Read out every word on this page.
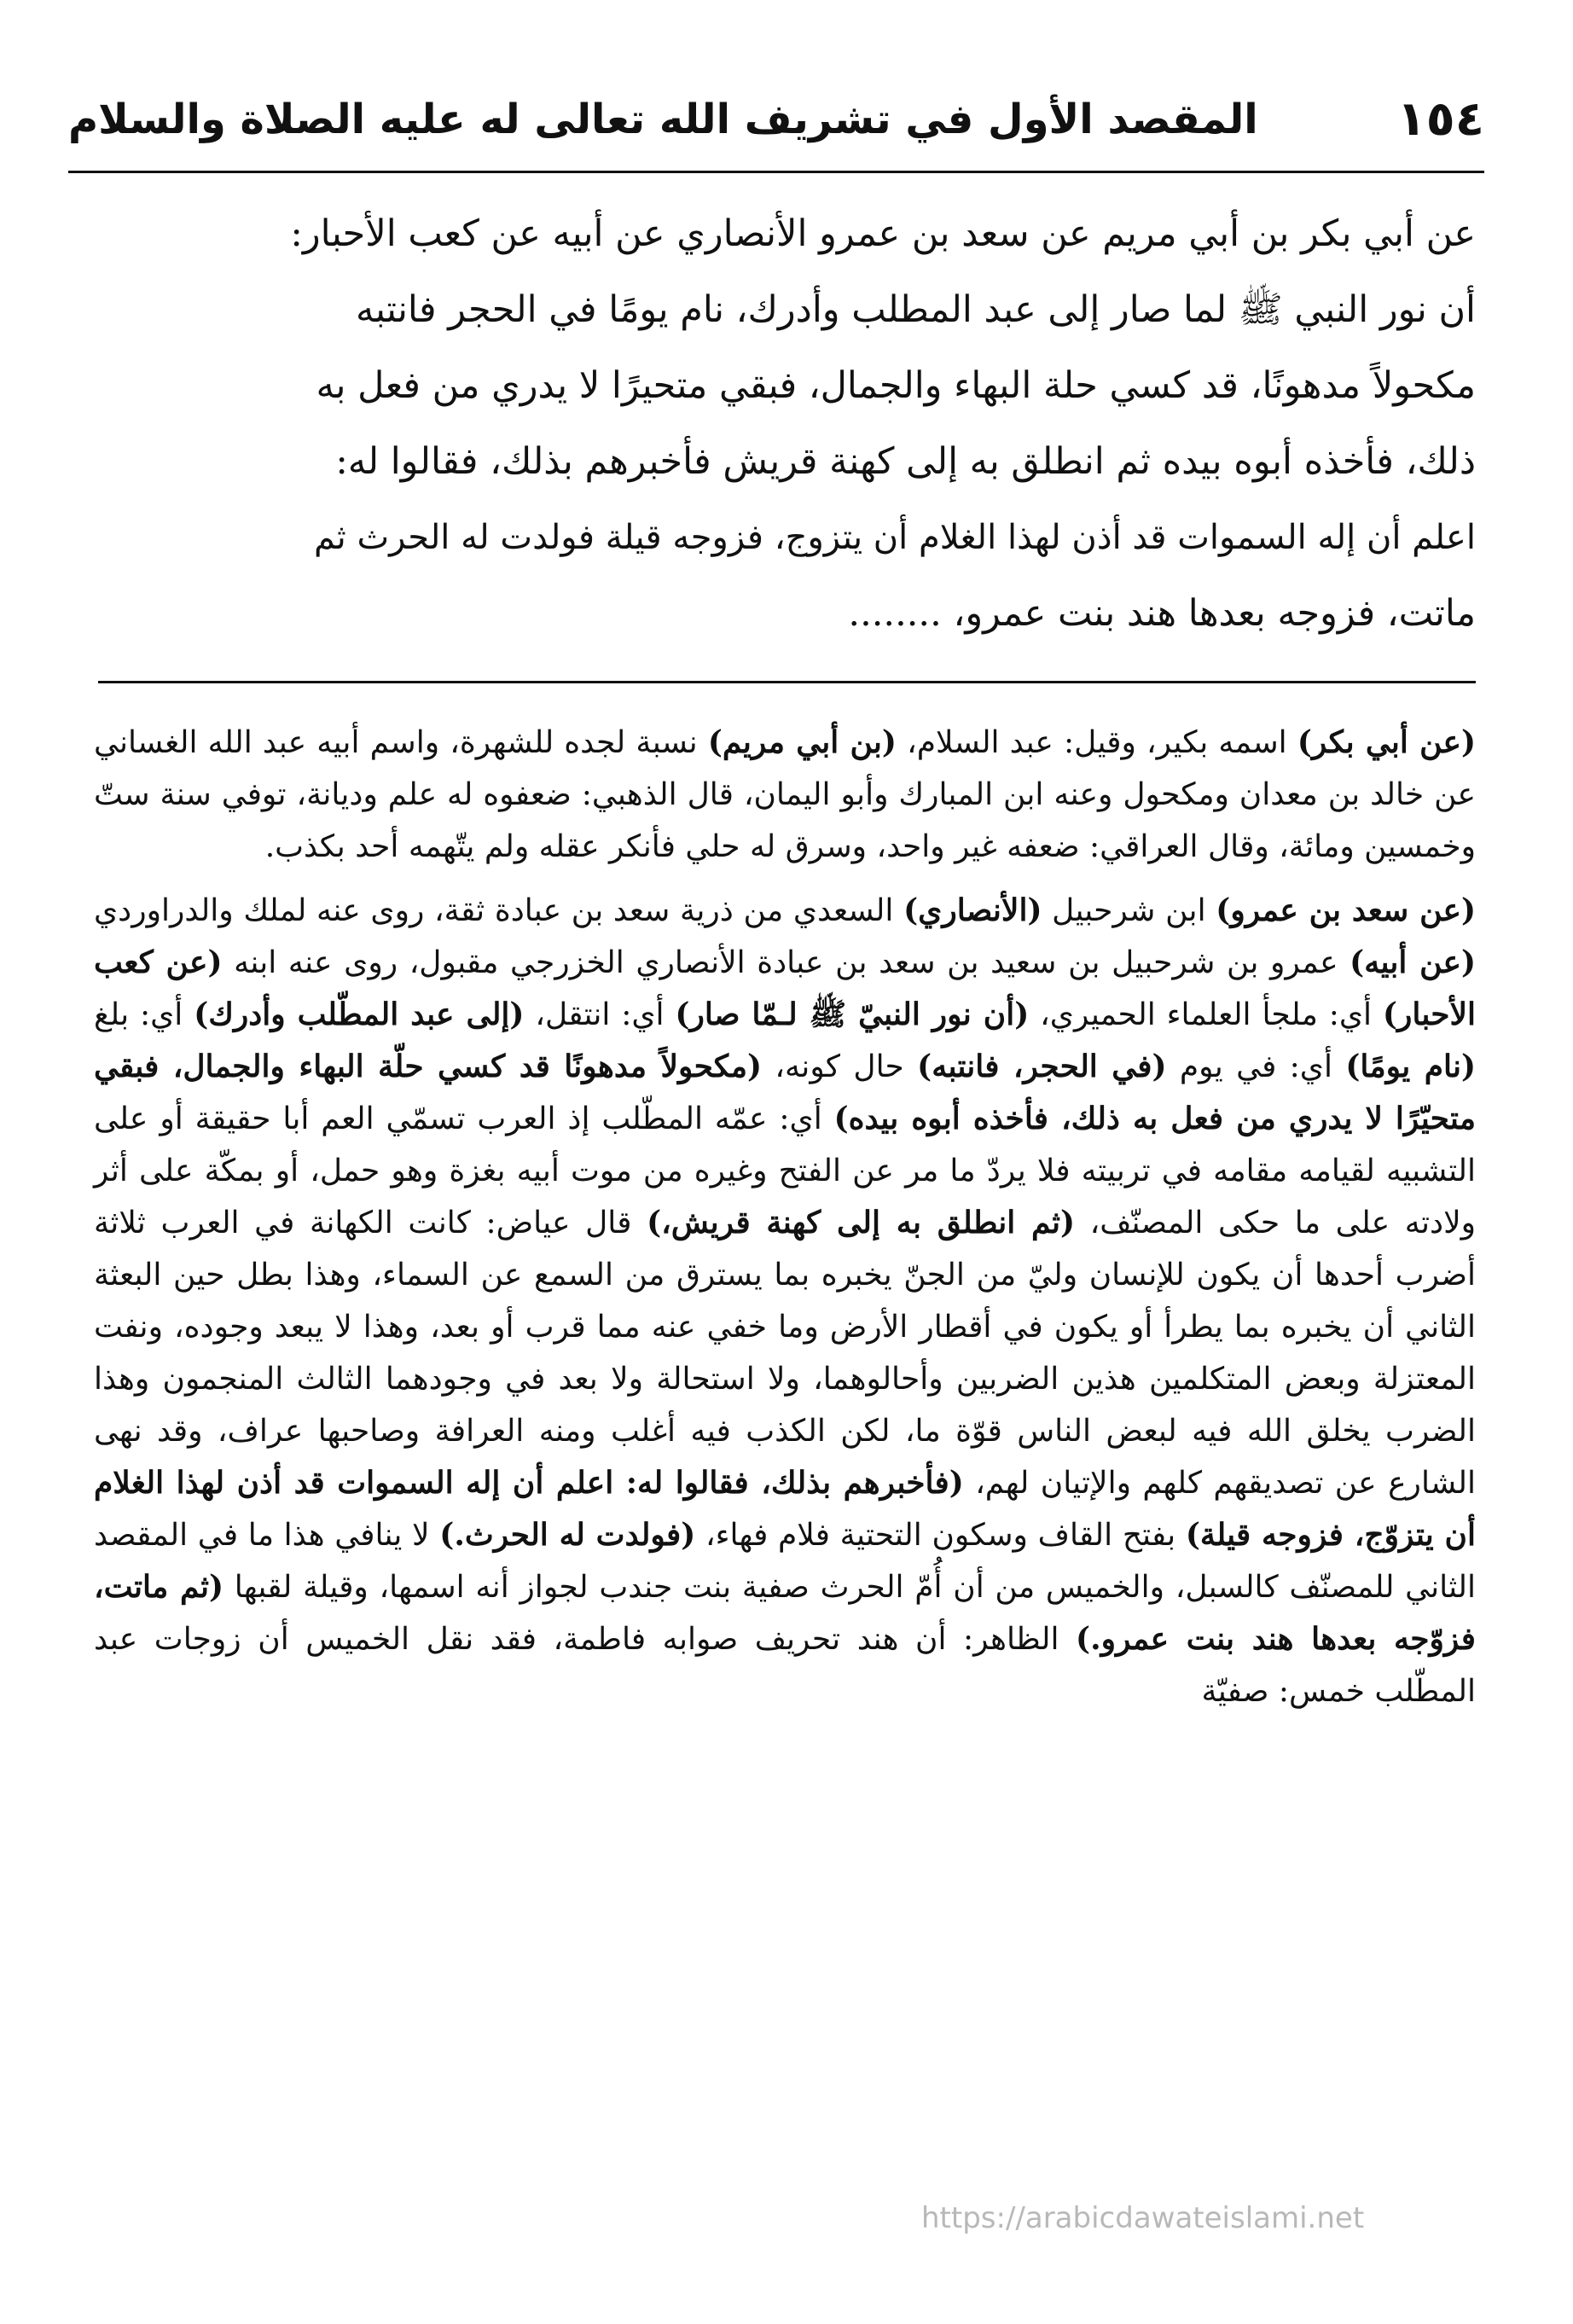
١٥٤
المقصد الأول في تشريف الله تعالى له عليه الصلاة والسلام
عن أبي بكر بن أبي مريم عن سعد بن عمرو الأنصاري عن أبيه عن كعب الأحبار:
أن نور النبي ﷺ لما صار إلى عبد المطلب وأدرك، نام يومًا في الحجر فانتبه
مكحولاً مدهونًا، قد كسي حلة البهاء والجمال، فبقي متحيرًا لا يدري من فعل به
ذلك، فأخذه أبوه بيده ثم انطلق به إلى كهنة قريش فأخبرهم بذلك، فقالوا له:
اعلم أن إله السموات قد أذن لهذا الغلام أن يتزوج، فزوجه قيلة فولدت له الحرث ثم
ماتت، فزوجه بعدها هند بنت عمرو، ........

(عن أبي بكر) اسمه بكير، وقيل: عبد السلام، (بن أبي مريم) نسبة لجده للشهرة، واسم أبيه عبد الله الغساني عن خالد بن معدان ومكحول وعنه ابن المبارك وأبو اليمان، قال الذهبي: ضعفوه له علم وديانة، توفي سنة ستّ وخمسين ومائة، وقال العراقي: ضعفه غير واحد، وسرق له حلي فأنكر عقله ولم يتّهمه أحد بكذب.

(عن سعد بن عمرو) ابن شرحبيل (الأنصاري) السعدي من ذرية سعد بن عبادة ثقة، روى عنه لملك والدراوردي (عن أبيه) عمرو بن شرحبيل بن سعيد بن سعد بن عبادة الأنصاري الخزرجي مقبول، روى عنه ابنه (عن كعب الأحبار) أي: ملجأ العلماء الحميري، (أن نور النبيّ ﷺ لـمّا صار) أي: انتقل، (إلى عبد المطّلب وأدرك) أي: بلغ (نام يومًا) أي: في يوم (في الحجر، فانتبه) حال كونه، (مكحولاً مدهونًا قد كسي حلّة البهاء والجمال، فبقي متحيّرًا لا يدري من فعل به ذلك، فأخذه أبوه بيده) أي: عمّه المطّلب إذ العرب تسمّي العم أبا حقيقة أو على التشبيه لقيامه مقامه في تربيته فلا يردّ ما مر عن الفتح وغيره من موت أبيه بغزة وهو حمل، أو بمكّة على أثر ولادته على ما حكى المصنّف، (ثم انطلق به إلى كهنة قريش،) قال عياض: كانت الكهانة في العرب ثلاثة أضرب أحدها أن يكون للإنسان وليّ من الجنّ يخبره بما يسترق من السمع عن السماء، وهذا بطل حين البعثة الثاني أن يخبره بما يطرأ أو يكون في أقطار الأرض وما خفي عنه مما قرب أو بعد، وهذا لا يبعد وجوده، ونفت المعتزلة وبعض المتكلمين هذين الضربين وأحالوهما، ولا استحالة ولا بعد في وجودهما الثالث المنجمون وهذا الضرب يخلق الله فيه لبعض الناس قوّة ما، لكن الكذب فيه أغلب ومنه العرافة وصاحبها عراف، وقد نهى الشارع عن تصديقهم كلهم والإتيان لهم، (فأخبرهم بذلك، فقالوا له: اعلم أن إله السموات قد أذن لهذا الغلام أن يتزوّج، فزوجه قيلة) بفتح القاف وسكون التحتية فلام فهاء، (فولدت له الحرث.) لا ينافي هذا ما في المقصد الثاني للمصنّف كالسبل، والخميس من أن أُمّ الحرث صفية بنت جندب لجواز أنه اسمها، وقيلة لقبها (ثم ماتت، فزوّجه بعدها هند بنت عمرو.) الظاهر: أن هند تحريف صوابه فاطمة، فقد نقل الخميس أن زوجات عبد المطّلب خمس: صفيّة

https://arabicdawateislami.net
